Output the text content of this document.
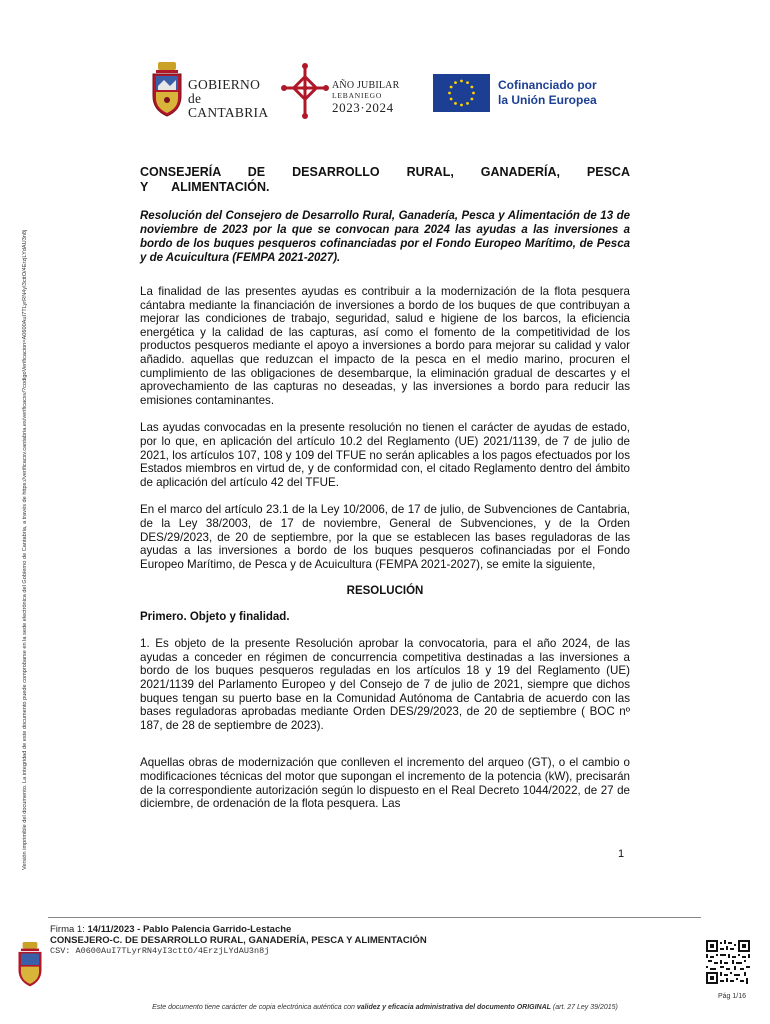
Versión imprimible del documento. La integridad de este documento puede comprobarse en la sede electrónica del Gobierno de Cantabria, a través de https://verificacsv.cantabria.es/verificacsv/?codigoVerificacion=A0600AuI7TLyrRN4yI3cttO/4ErzjLYdAU3n8j
GOBIERNO
de
CANTABRIA
AÑO JUBILAR
LEBANIEGO
2023·2024
Cofinanciado por
la Unión Europea
CONSEJERÍA DE DESARROLLO RURAL, GANADERÍA, PESCA Y ALIMENTACIÓN.
Resolución del Consejero de Desarrollo Rural, Ganadería, Pesca y Alimentación de 13 de noviembre de 2023 por la que se convocan para 2024 las ayudas a las inversiones a bordo de los buques pesqueros cofinanciadas por el Fondo Europeo Marítimo, de Pesca y de Acuicultura (FEMPA 2021-2027).

La finalidad de las presentes ayudas es contribuir a la modernización de la flota pesquera cántabra mediante la financiación de inversiones a bordo de los buques de que contribuyan a mejorar las condiciones de trabajo, seguridad, salud e higiene de los barcos, la eficiencia energética y la calidad de las capturas, así como el fomento de la competitividad de los productos pesqueros mediante el apoyo a inversiones a bordo para mejorar su calidad y valor añadido. aquellas que reduzcan el impacto de la pesca en el medio marino, procuren el cumplimiento de las obligaciones de desembarque, la eliminación gradual de descartes y el aprovechamiento de las capturas no deseadas, y las inversiones a bordo para reducir las emisiones contaminantes.

Las ayudas convocadas en la presente resolución no tienen el carácter de ayudas de estado, por lo que, en aplicación del artículo 10.2 del Reglamento (UE) 2021/1139, de 7 de julio de 2021, los artículos 107, 108 y 109 del TFUE no serán aplicables a los pagos efectuados por los Estados miembros en virtud de, y de conformidad con, el citado Reglamento dentro del ámbito de aplicación del artículo 42 del TFUE.

En el marco del artículo 23.1 de la Ley 10/2006, de 17 de julio, de Subvenciones de Cantabria, de la Ley 38/2003, de 17 de noviembre, General de Subvenciones, y de la Orden DES/29/2023, de 20 de septiembre, por la que se establecen las bases reguladoras de las ayudas a las inversiones a bordo de los buques pesqueros cofinanciadas por el Fondo Europeo Marítimo, de Pesca y de Acuicultura (FEMPA 2021-2027), se emite la siguiente,

RESOLUCIÓN
Primero. Objeto y finalidad.

1. Es objeto de la presente Resolución aprobar la convocatoria, para el año 2024, de las ayudas a conceder en régimen de concurrencia competitiva destinadas a las inversiones a bordo de los buques pesqueros reguladas en los artículos 18 y 19 del Reglamento (UE) 2021/1139 del Parlamento Europeo y del Consejo de 7 de julio de 2021, siempre que dichos buques tengan su puerto base en la Comunidad Autónoma de Cantabria de acuerdo con las bases reguladoras aprobadas mediante Orden DES/29/2023, de 20 de septiembre ( BOC nº 187, de 28 de septiembre de 2023).

Aquellas obras de modernización que conlleven el incremento del arqueo (GT), o el cambio o modificaciones técnicas del motor que supongan el incremento de la potencia (kW), precisarán de la correspondiente autorización según lo dispuesto en el Real Decreto 1044/2022, de 27 de diciembre, de ordenación de la flota pesquera. Las

1
Firma 1: 14/11/2023 - Pablo Palencia Garrido-Lestache
CONSEJERO-C. DE DESARROLLO RURAL, GANADERÍA, PESCA Y ALIMENTACIÓN
CSV: A0600AuI7TLyrRN4yI3cttO/4ErzjLYdAU3n8j
Pág 1/16
Este documento tiene carácter de copia electrónica auténtica con validez y eficacia administrativa del documento ORIGINAL (art. 27 Ley 39/2015)
